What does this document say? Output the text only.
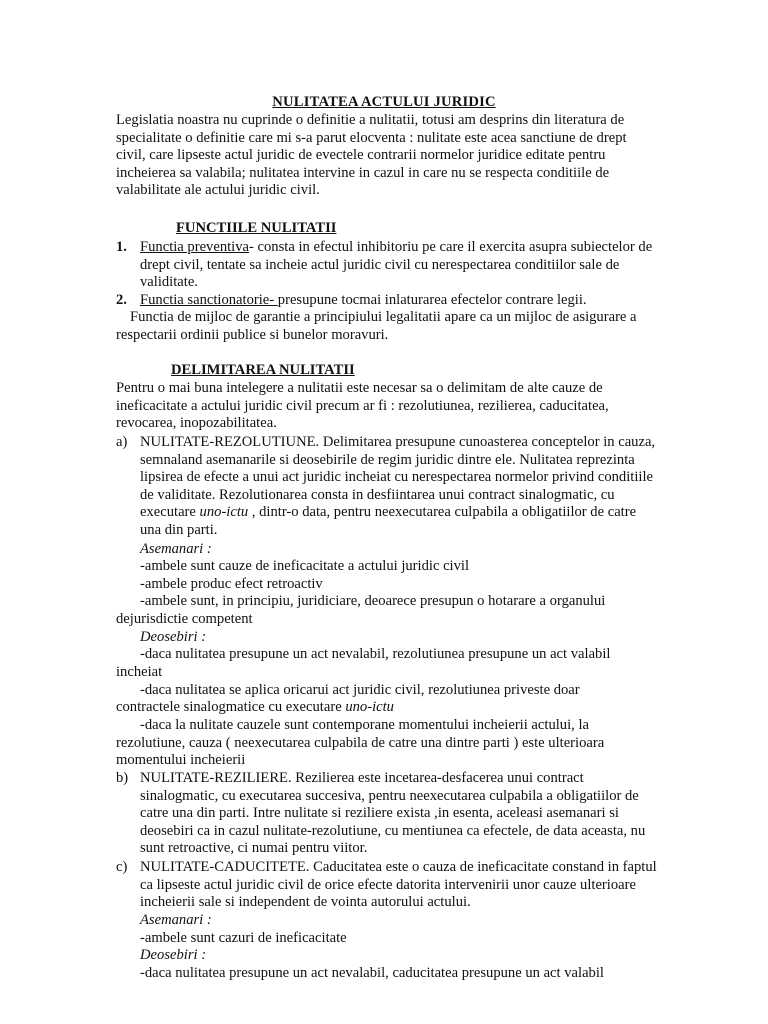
NULITATEA ACTULUI JURIDIC
Legislatia noastra nu cuprinde o definitie a nulitatii, totusi am desprins din literatura de specialitate o definitie care mi s-a parut elocventa : nulitate este acea sanctiune de drept civil, care lipseste actul juridic de evectele contrarii normelor juridice editate pentru incheierea sa valabila; nulitatea intervine in cazul in care nu se respecta conditiile de valabilitate ale actului juridic civil.
FUNCTIILE NULITATII
1. Functia preventiva- consta in efectul inhibitoriu pe care il exercita asupra subiectelor de drept civil, tentate sa incheie actul juridic civil cu nerespectarea conditiilor sale de validitate.
2. Functia sanctionatorie- presupune tocmai inlaturarea efectelor contrare legii.
Functia de mijloc de garantie a principiului legalitatii apare ca un mijloc de asigurare a respectarii ordinii publice si bunelor moravuri.
DELIMITAREA NULITATII
Pentru o mai buna intelegere a nulitatii este necesar sa o delimitam de alte cauze de ineficacitate a actului juridic civil precum ar fi : rezolutiunea, rezilierea, caducitatea, revocarea, inopozabilitatea.
a) NULITATE-REZOLUTIUNE. Delimitarea presupune cunoasterea conceptelor in cauza, semnaland asemanarile si deosebirile de regim juridic dintre ele. Nulitatea reprezinta lipsirea de efecte a unui act juridic incheiat cu nerespectarea normelor privind conditiile de validitate. Rezolutionarea consta in desfiintarea unui contract sinalogmatic, cu executare uno-ictu , dintr-o data, pentru neexecutarea culpabila a obligatiilor de catre una din parti.
Asemanari :
-ambele sunt cauze de ineficacitate a actului juridic civil
-ambele produc efect retroactiv
-ambele sunt, in principiu, juridiciare, deoarece presupun o hotarare a organului
dejurisdictie competent
Deosebiri :
-daca nulitatea presupune un act nevalabil, rezolutiunea presupune un act valabil
incheiat
-daca nulitatea se aplica oricarui act juridic civil, rezolutiunea priveste doar
contractele sinalogmatice cu executare uno-ictu
-daca la nulitate cauzele sunt contemporane momentului incheierii actului, la
rezolutiune, cauza ( neexecutarea culpabila de catre una dintre parti ) este ulterioara
momentului incheierii
b) NULITATE-REZILIERE. Rezilierea este incetarea-desfacerea unui contract sinalogmatic, cu executarea succesiva, pentru neexecutarea culpabila a obligatiilor de catre una din parti. Intre nulitate si reziliere exista ,in esenta, aceleasi asemanari si deosebiri ca in cazul nulitate-rezolutiune, cu mentiunea ca efectele, de data aceasta, nu sunt retroactive, ci numai pentru viitor.
c) NULITATE-CADUCITETE. Caducitatea este o cauza de ineficacitate constand in faptul ca lipseste actul juridic civil de orice efecte datorita intervenirii unor cauze ulterioare incheierii sale si independent de vointa autorului actului.
Asemanari :
-ambele sunt cazuri de ineficacitate
Deosebiri :
-daca nulitatea presupune un act nevalabil, caducitatea presupune un act valabil
